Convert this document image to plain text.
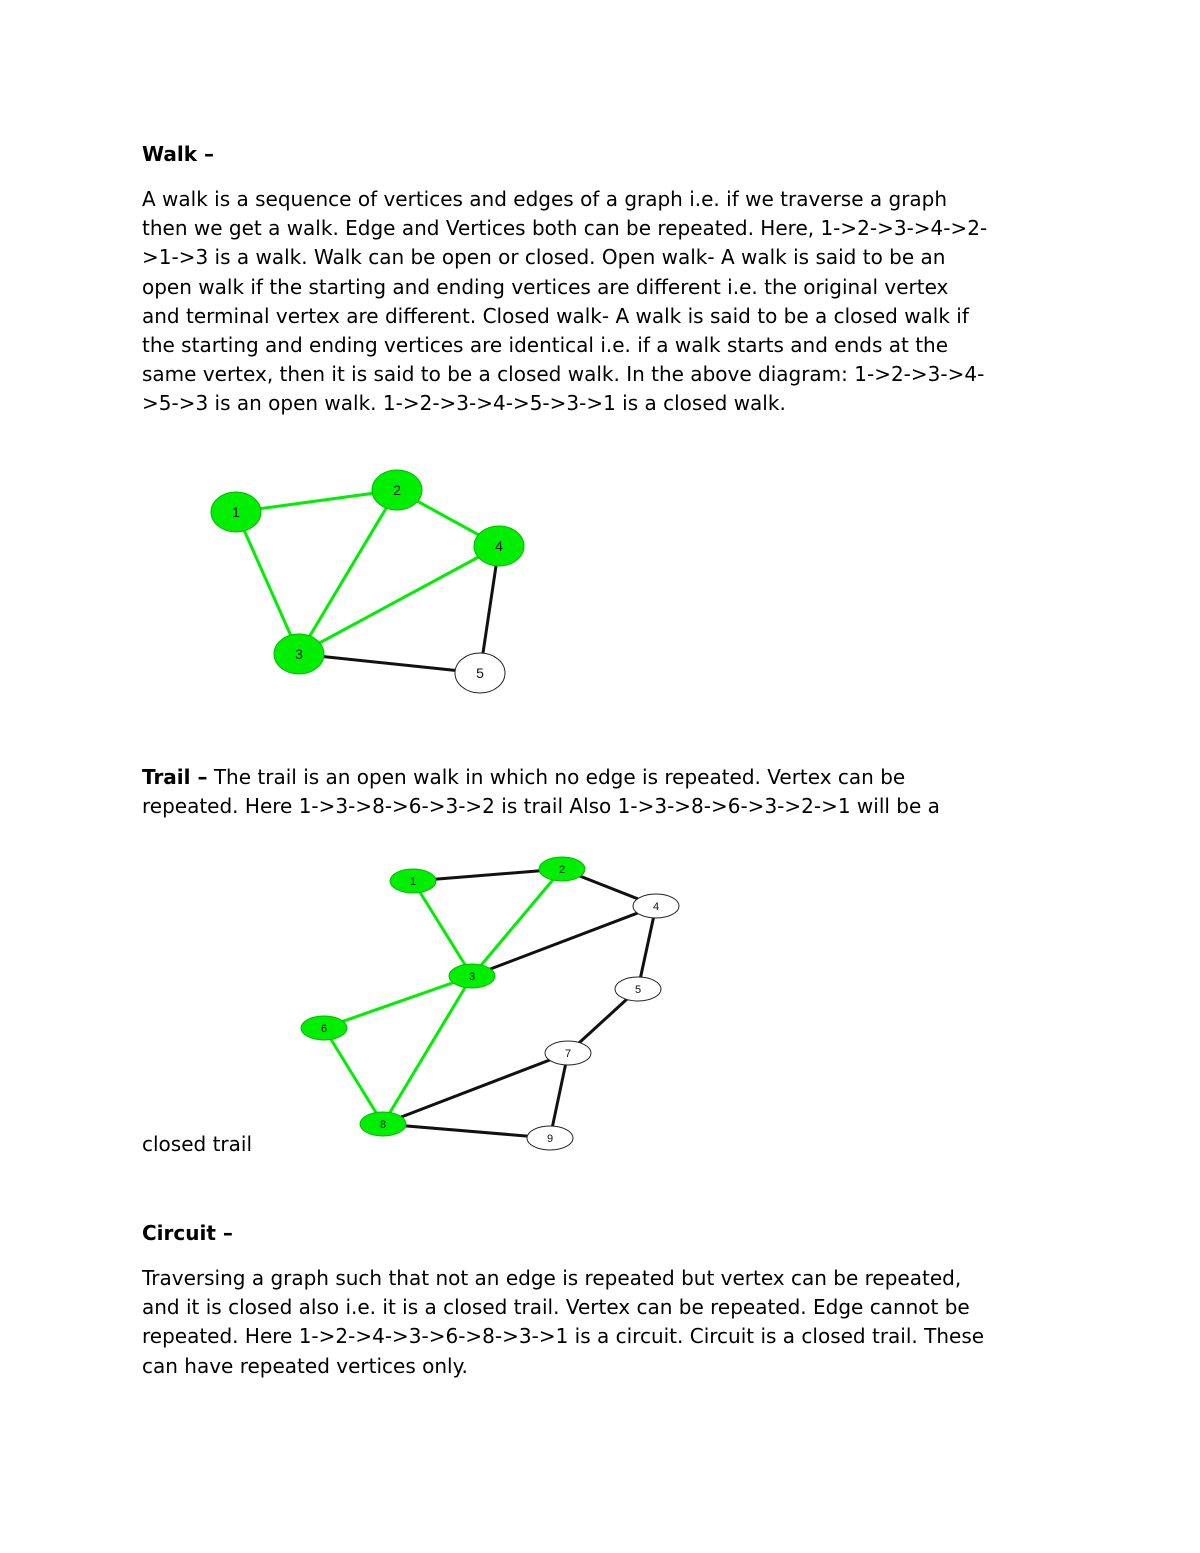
Walk –

A walk is a sequence of vertices and edges of a graph i.e. if we traverse a graph
then we get a walk. Edge and Vertices both can be repeated. Here, 1->2->3->4->2-
>1->3 is a walk. Walk can be open or closed. Open walk- A walk is said to be an
open walk if the starting and ending vertices are different i.e. the original vertex
and terminal vertex are different. Closed walk- A walk is said to be a closed walk if
the starting and ending vertices are identical i.e. if a walk starts and ends at the
same vertex, then it is said to be a closed walk. In the above diagram: 1->2->3->4-
>5->3 is an open walk. 1->2->3->4->5->3->1 is a closed walk.

1
2
3
4
5

Trail – The trail is an open walk in which no edge is repeated. Vertex can be
repeated. Here 1->3->8->6->3->2 is trail Also 1->3->8->6->3->2->1 will be a

1
2
3
4
5
6
7
8
9

closed trail

Circuit –

Traversing a graph such that not an edge is repeated but vertex can be repeated,
and it is closed also i.e. it is a closed trail. Vertex can be repeated. Edge cannot be
repeated. Here 1->2->4->3->6->8->3->1 is a circuit. Circuit is a closed trail. These
can have repeated vertices only.
